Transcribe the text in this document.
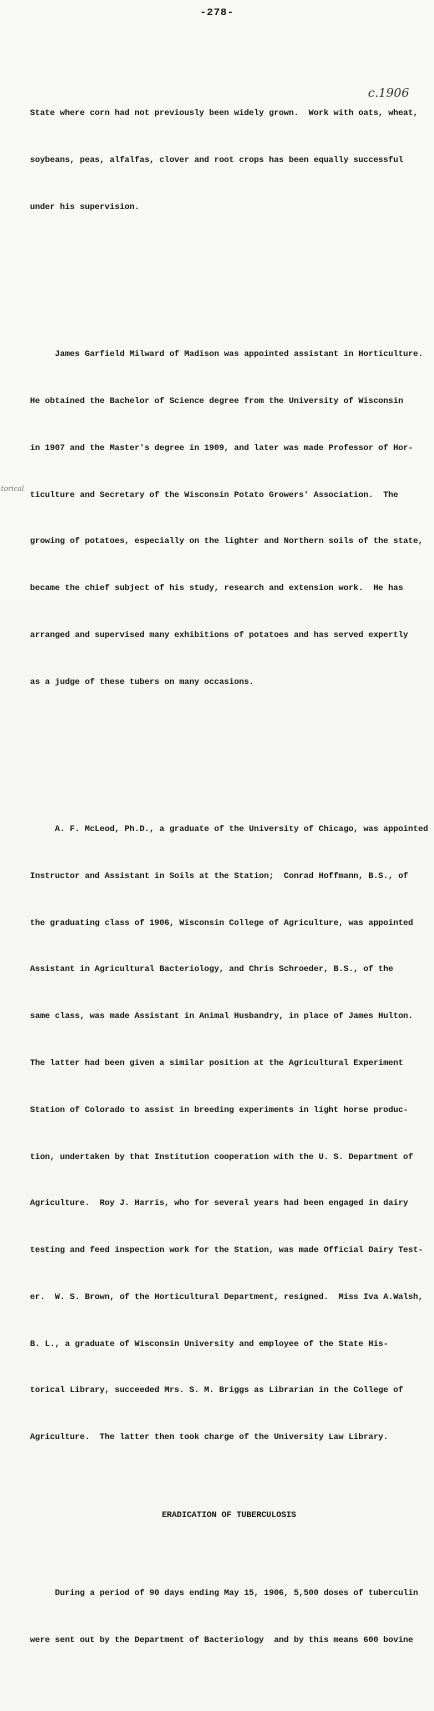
-278-
c.1906
torical

State where corn had not previously been widely grown.  Work with oats, wheat,

soybeans, peas, alfalfas, clover and root crops has been equally successful

under his supervision.

James Garfield Milward of Madison was appointed assistant in Horticulture.

He obtained the Bachelor of Science degree from the University of Wisconsin

in 1907 and the Master's degree in 1909, and later was made Professor of Hor-

ticulture and Secretary of the Wisconsin Potato Growers' Association.  The

growing of potatoes, especially on the lighter and Northern soils of the state,

became the chief subject of his study, research and extension work.  He has

arranged and supervised many exhibitions of potatoes and has served expertly

as a judge of these tubers on many occasions.

A. F. McLeod, Ph.D., a graduate of the University of Chicago, was appointed

Instructor and Assistant in Soils at the Station;  Conrad Hoffmann, B.S., of

the graduating class of 1906, Wisconsin College of Agriculture, was appointed

Assistant in Agricultural Bacteriology, and Chris Schroeder, B.S., of the

same class, was made Assistant in Animal Husbandry, in place of James Hulton.

The latter had been given a similar position at the Agricultural Experiment

Station of Colorado to assist in breeding experiments in light horse produc-

tion, undertaken by that Institution cooperation with the U. S. Department of

Agriculture.  Roy J. Harris, who for several years had been engaged in dairy

testing and feed inspection work for the Station, was made Official Dairy Test-

er.  W. S. Brown, of the Horticultural Department, resigned.  Miss Iva A.Walsh,

B. L., a graduate of Wisconsin University and employee of the State His-

torical Library, succeeded Mrs. S. M. Briggs as Librarian in the College of

Agriculture.  The latter then took charge of the University Law Library.

ERADICATION OF TUBERCULOSIS

During a period of 90 days ending May 15, 1906, 5,500 doses of tuberculin

were sent out by the Department of Bacteriology  and by this means 600 bovine
